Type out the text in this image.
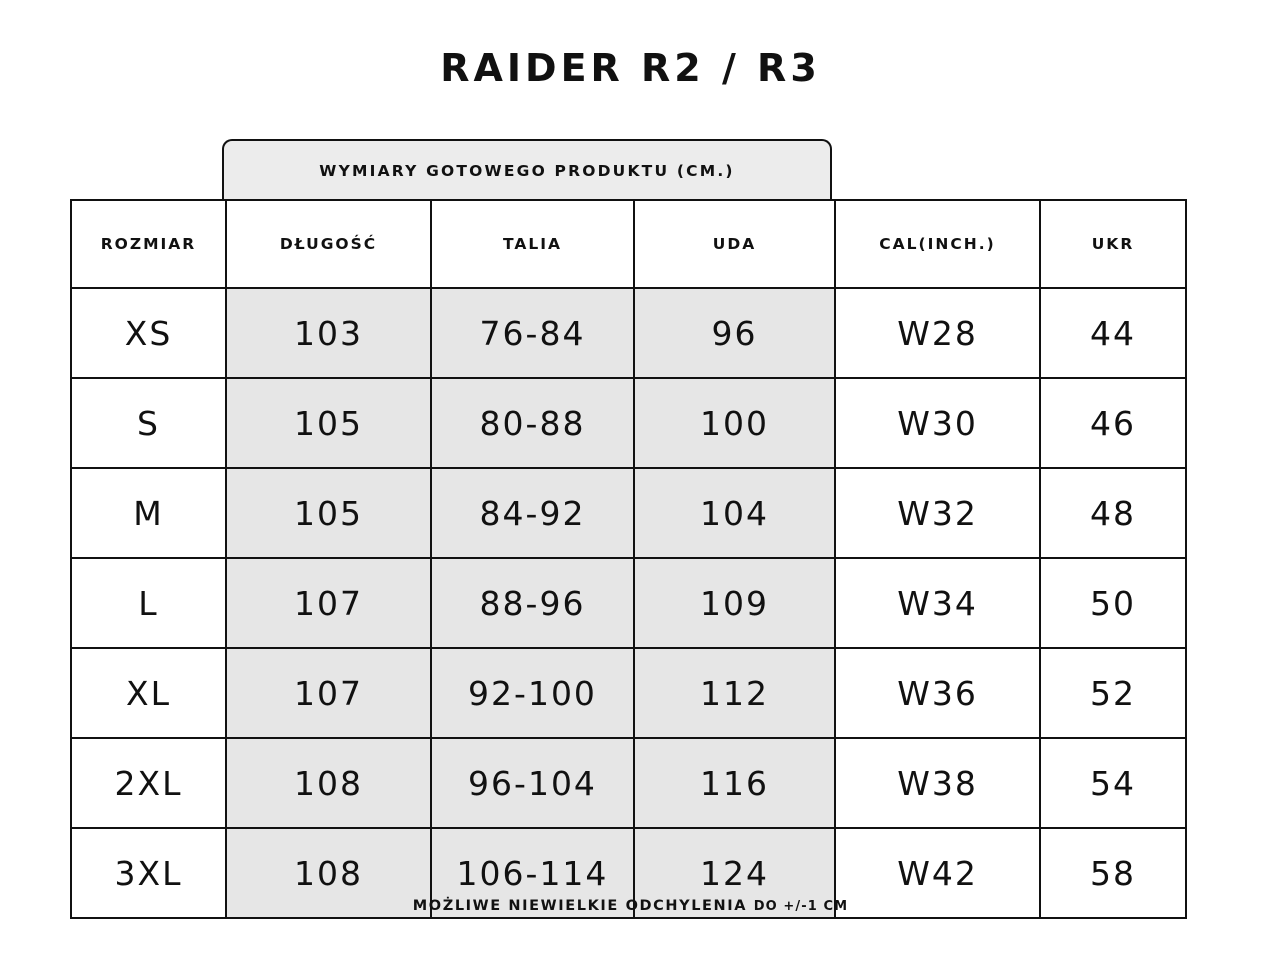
RAIDER R2 / R3
WYMIARY GOTOWEGO PRODUKTU (CM.)
ROZMIAR	DŁUGOŚĆ	TALIA	UDA	CAL(INCH.)	UKR
XS	103	76-84	96	W28	44
S	105	80-88	100	W30	46
M	105	84-92	104	W32	48
L	107	88-96	109	W34	50
XL	107	92-100	112	W36	52
2XL	108	96-104	116	W38	54
3XL	108	106-114	124	W42	58
MOŻLIWE NIEWIELKIE ODCHYLENIA DO +/-1 CM
